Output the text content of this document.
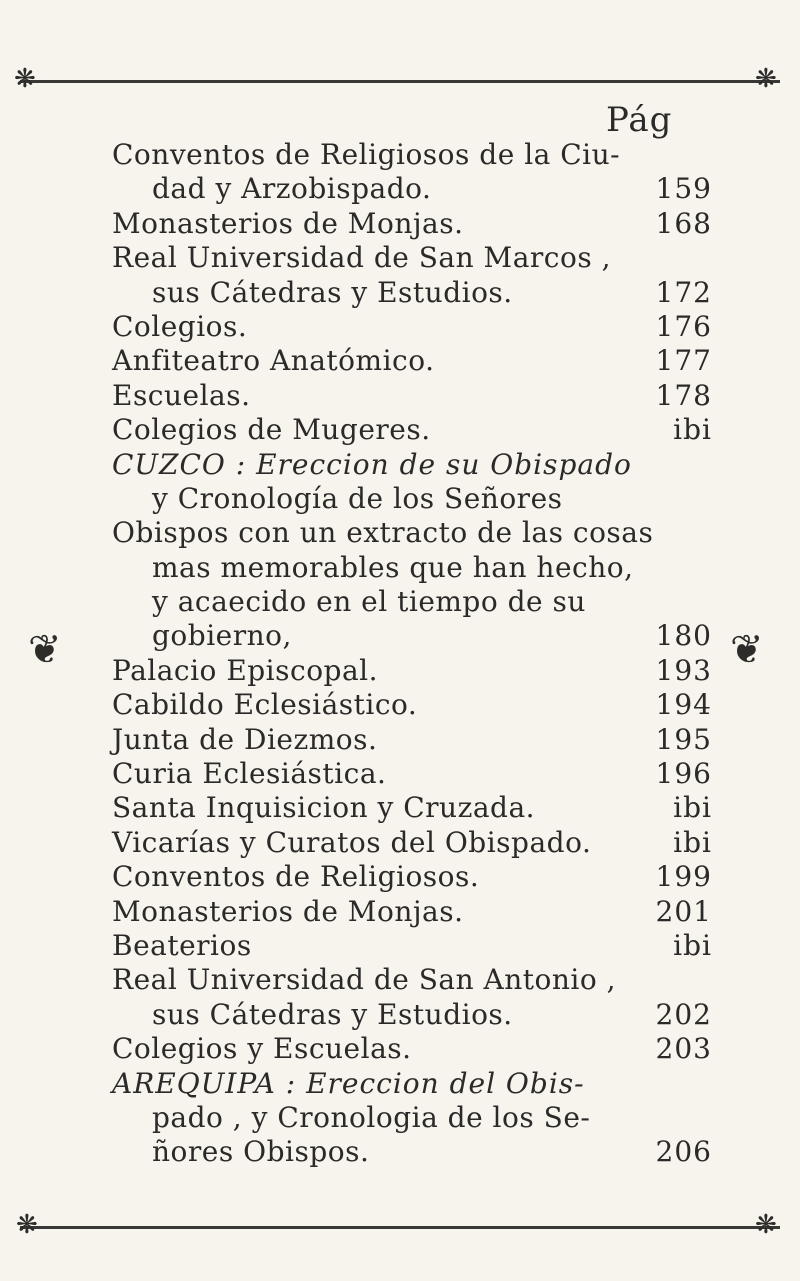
❋	❋
❋	❋
❦	❦
Pág
Conventos de Religiosos de la Ciu-
dad y Arzobispado.	159
Monasterios de Monjas.	168
Real Universidad de San Marcos ,
sus Cátedras y Estudios.	172
Colegios.	176
Anfiteatro Anatómico.	177
Escuelas.	178
Colegios de Mugeres.	ibi
CUZCO : Ereccion de su Obispado
y Cronología de los Señores
Obispos con un extracto de las cosas
mas memorables que han hecho,
y acaecido en el tiempo de su
gobierno,	180
Palacio Episcopal.	193
Cabildo Eclesiástico.	194
Junta de Diezmos.	195
Curia Eclesiástica.	196
Santa Inquisicion y Cruzada.	ibi
Vicarías y Curatos del Obispado.	ibi
Conventos de Religiosos.	199
Monasterios de Monjas.	201
Beaterios	ibi
Real Universidad de San Antonio ,
sus Cátedras y Estudios.	202
Colegios y Escuelas.	203
AREQUIPA : Ereccion del Obis-
pado , y Cronologia de los Se-
ñores Obispos.	206
